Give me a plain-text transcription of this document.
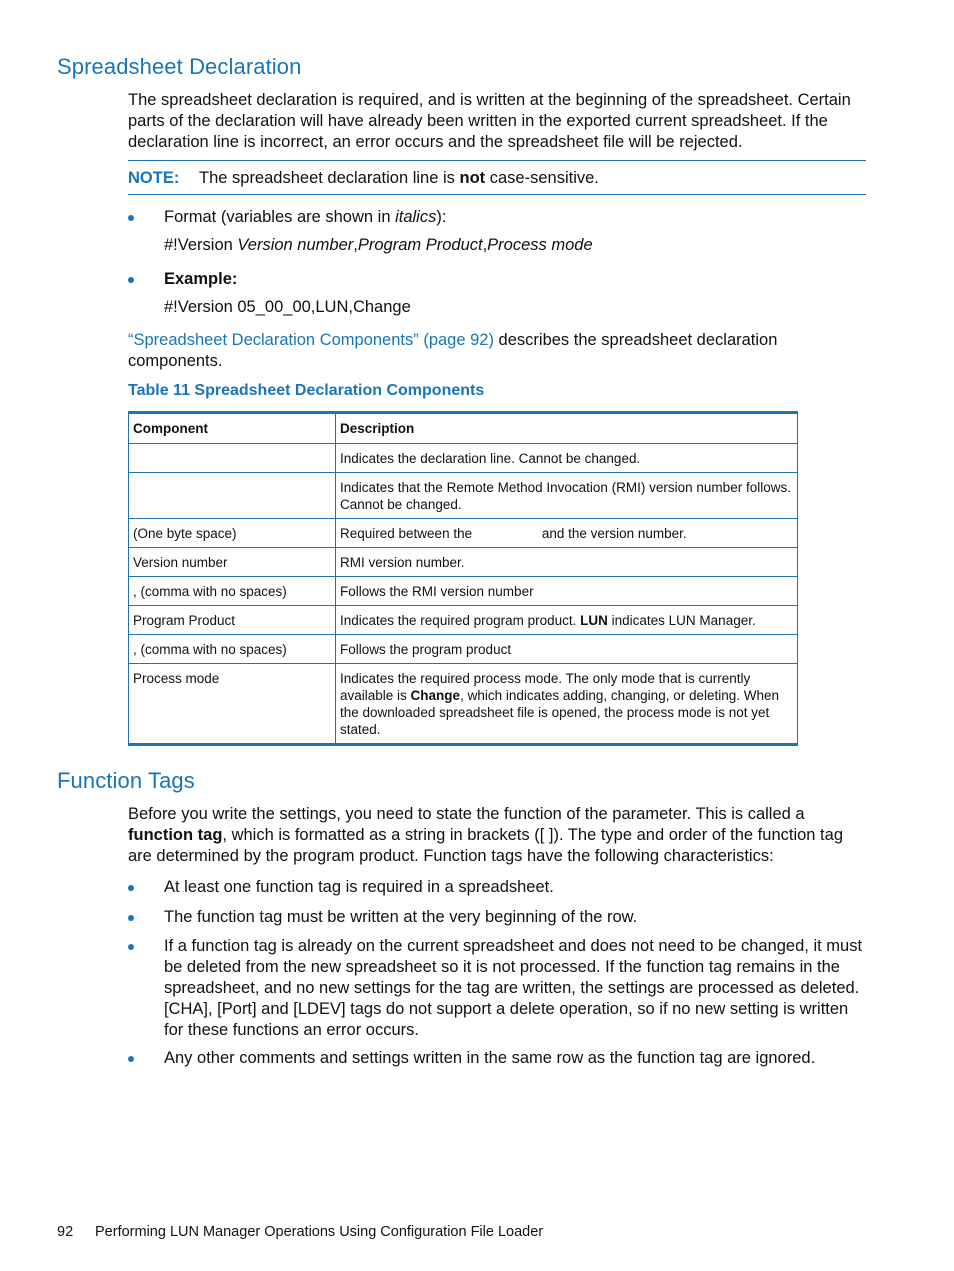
Spreadsheet Declaration

The spreadsheet declaration is required, and is written at the beginning of the spreadsheet. Certain parts of the declaration will have already been written in the exported current spreadsheet. If the declaration line is incorrect, an error occurs and the spreadsheet file will be rejected.

NOTE: The spreadsheet declaration line is not case-sensitive.
Format (variables are shown in italics):
#!Version Version number,Program Product,Process mode
Example:
#!Version 05_00_00,LUN,Change

“Spreadsheet Declaration Components” (page 92) describes the spreadsheet declaration components.

Table 11 Spreadsheet Declaration Components
Component	Description
	Indicates the declaration line. Cannot be changed.
	Indicates that the Remote Method Invocation (RMI) version number follows. Cannot be changed.
(One byte space)	Required between the and the version number.
Version number	RMI version number.
, (comma with no spaces)	Follows the RMI version number
Program Product	Indicates the required program product. LUN indicates LUN Manager.
, (comma with no spaces)	Follows the program product
Process mode	Indicates the required process mode. The only mode that is currently available is Change, which indicates adding, changing, or deleting. When the downloaded spreadsheet file is opened, the process mode is not yet stated.
Function Tags

Before you write the settings, you need to state the function of the parameter. This is called a function tag, which is formatted as a string in brackets ([ ]). The type and order of the function tag are determined by the program product. Function tags have the following characteristics:

At least one function tag is required in a spreadsheet.
The function tag must be written at the very beginning of the row.
If a function tag is already on the current spreadsheet and does not need to be changed, it must be deleted from the new spreadsheet so it is not processed. If the function tag remains in the spreadsheet, and no new settings for the tag are written, the settings are processed as deleted. [CHA], [Port] and [LDEV] tags do not support a delete operation, so if no new setting is written for these functions an error occurs.
Any other comments and settings written in the same row as the function tag are ignored.
92 Performing LUN Manager Operations Using Configuration File Loader
